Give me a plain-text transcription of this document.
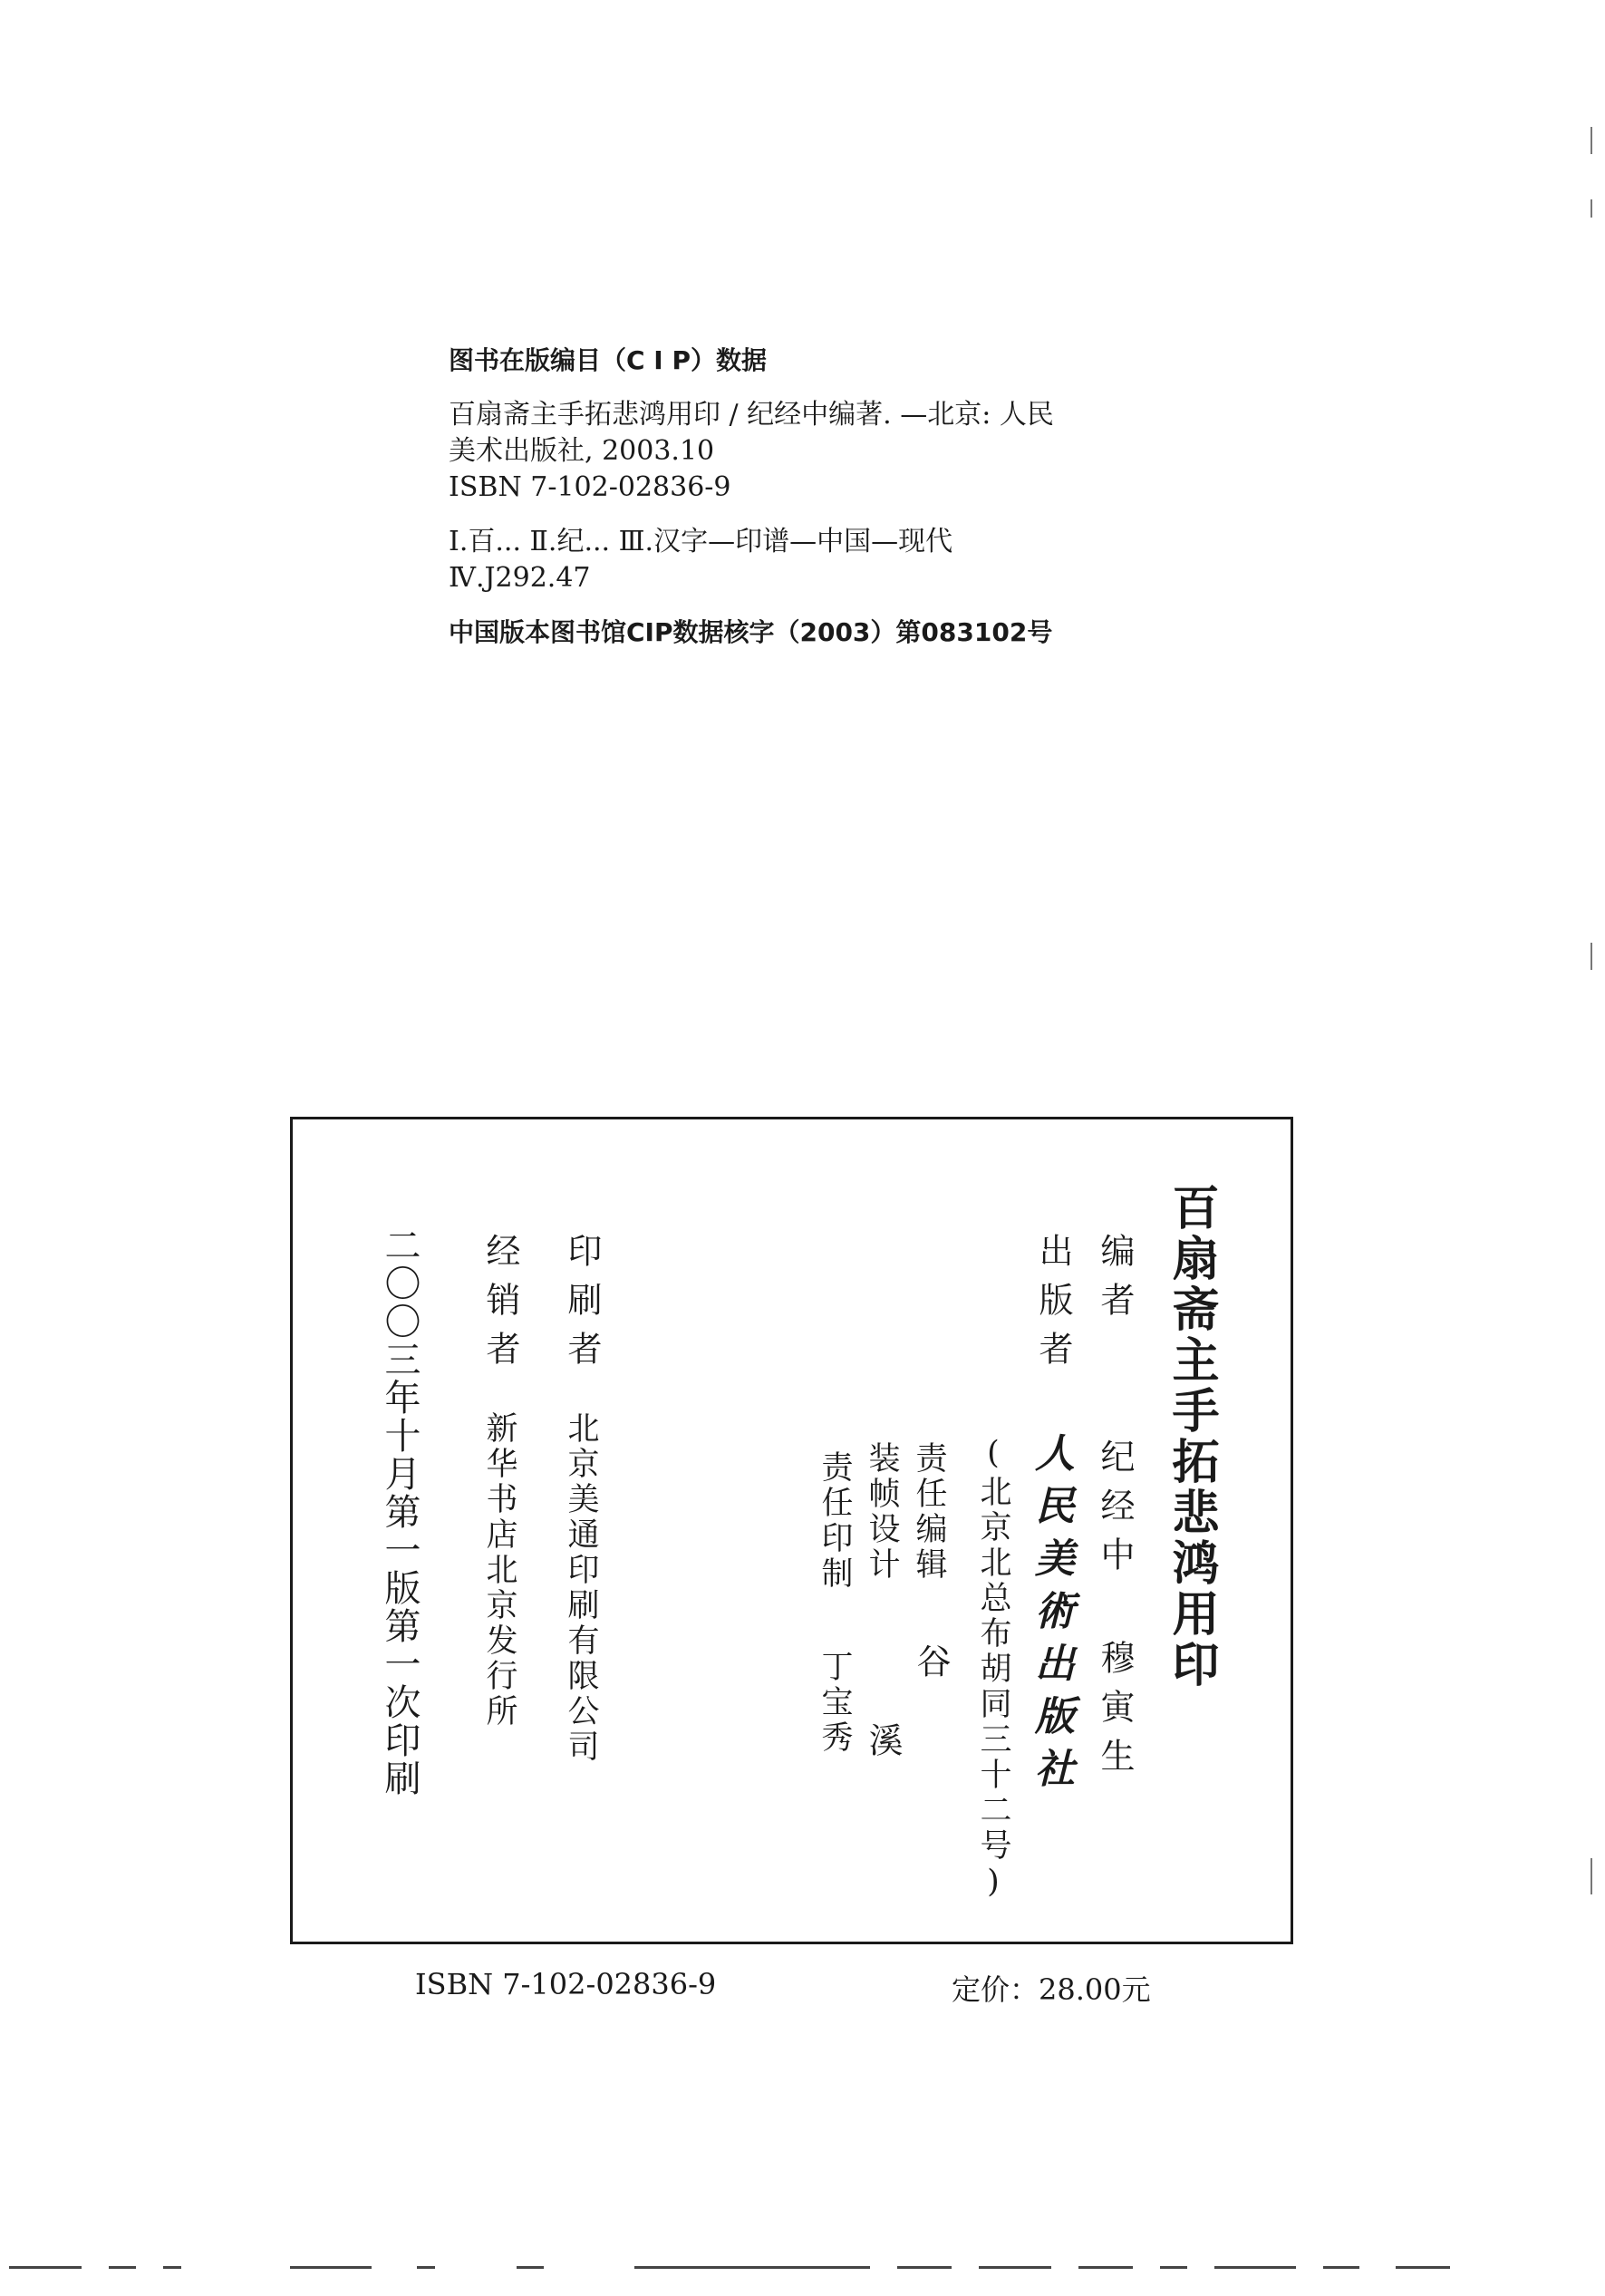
图书在版编目（C I P）数据
百扇斋主手拓悲鸿用印 / 纪经中编著. —北京: 人民
美术出版社, 2003.10
ISBN 7-102-02836-9
Ⅰ.百... Ⅱ.纪... Ⅲ.汉字—印谱—中国—现代
Ⅳ.J292.47
中国版本图书馆CIP数据核字（2003）第083102号
百扇斋主手拓悲鸿用印
编者
纪经中 穆寅生
出版者
人民美術出版社
(北京北总布胡同三十二号)
责任编辑
谷
装帧设计
溪
责任印制
丁宝秀
印刷者
北京美通印刷有限公司
经销者
新华书店北京发行所
二〇〇三年十月第一版第一次印刷
ISBN 7-102-02836-9	定价：28.00元
